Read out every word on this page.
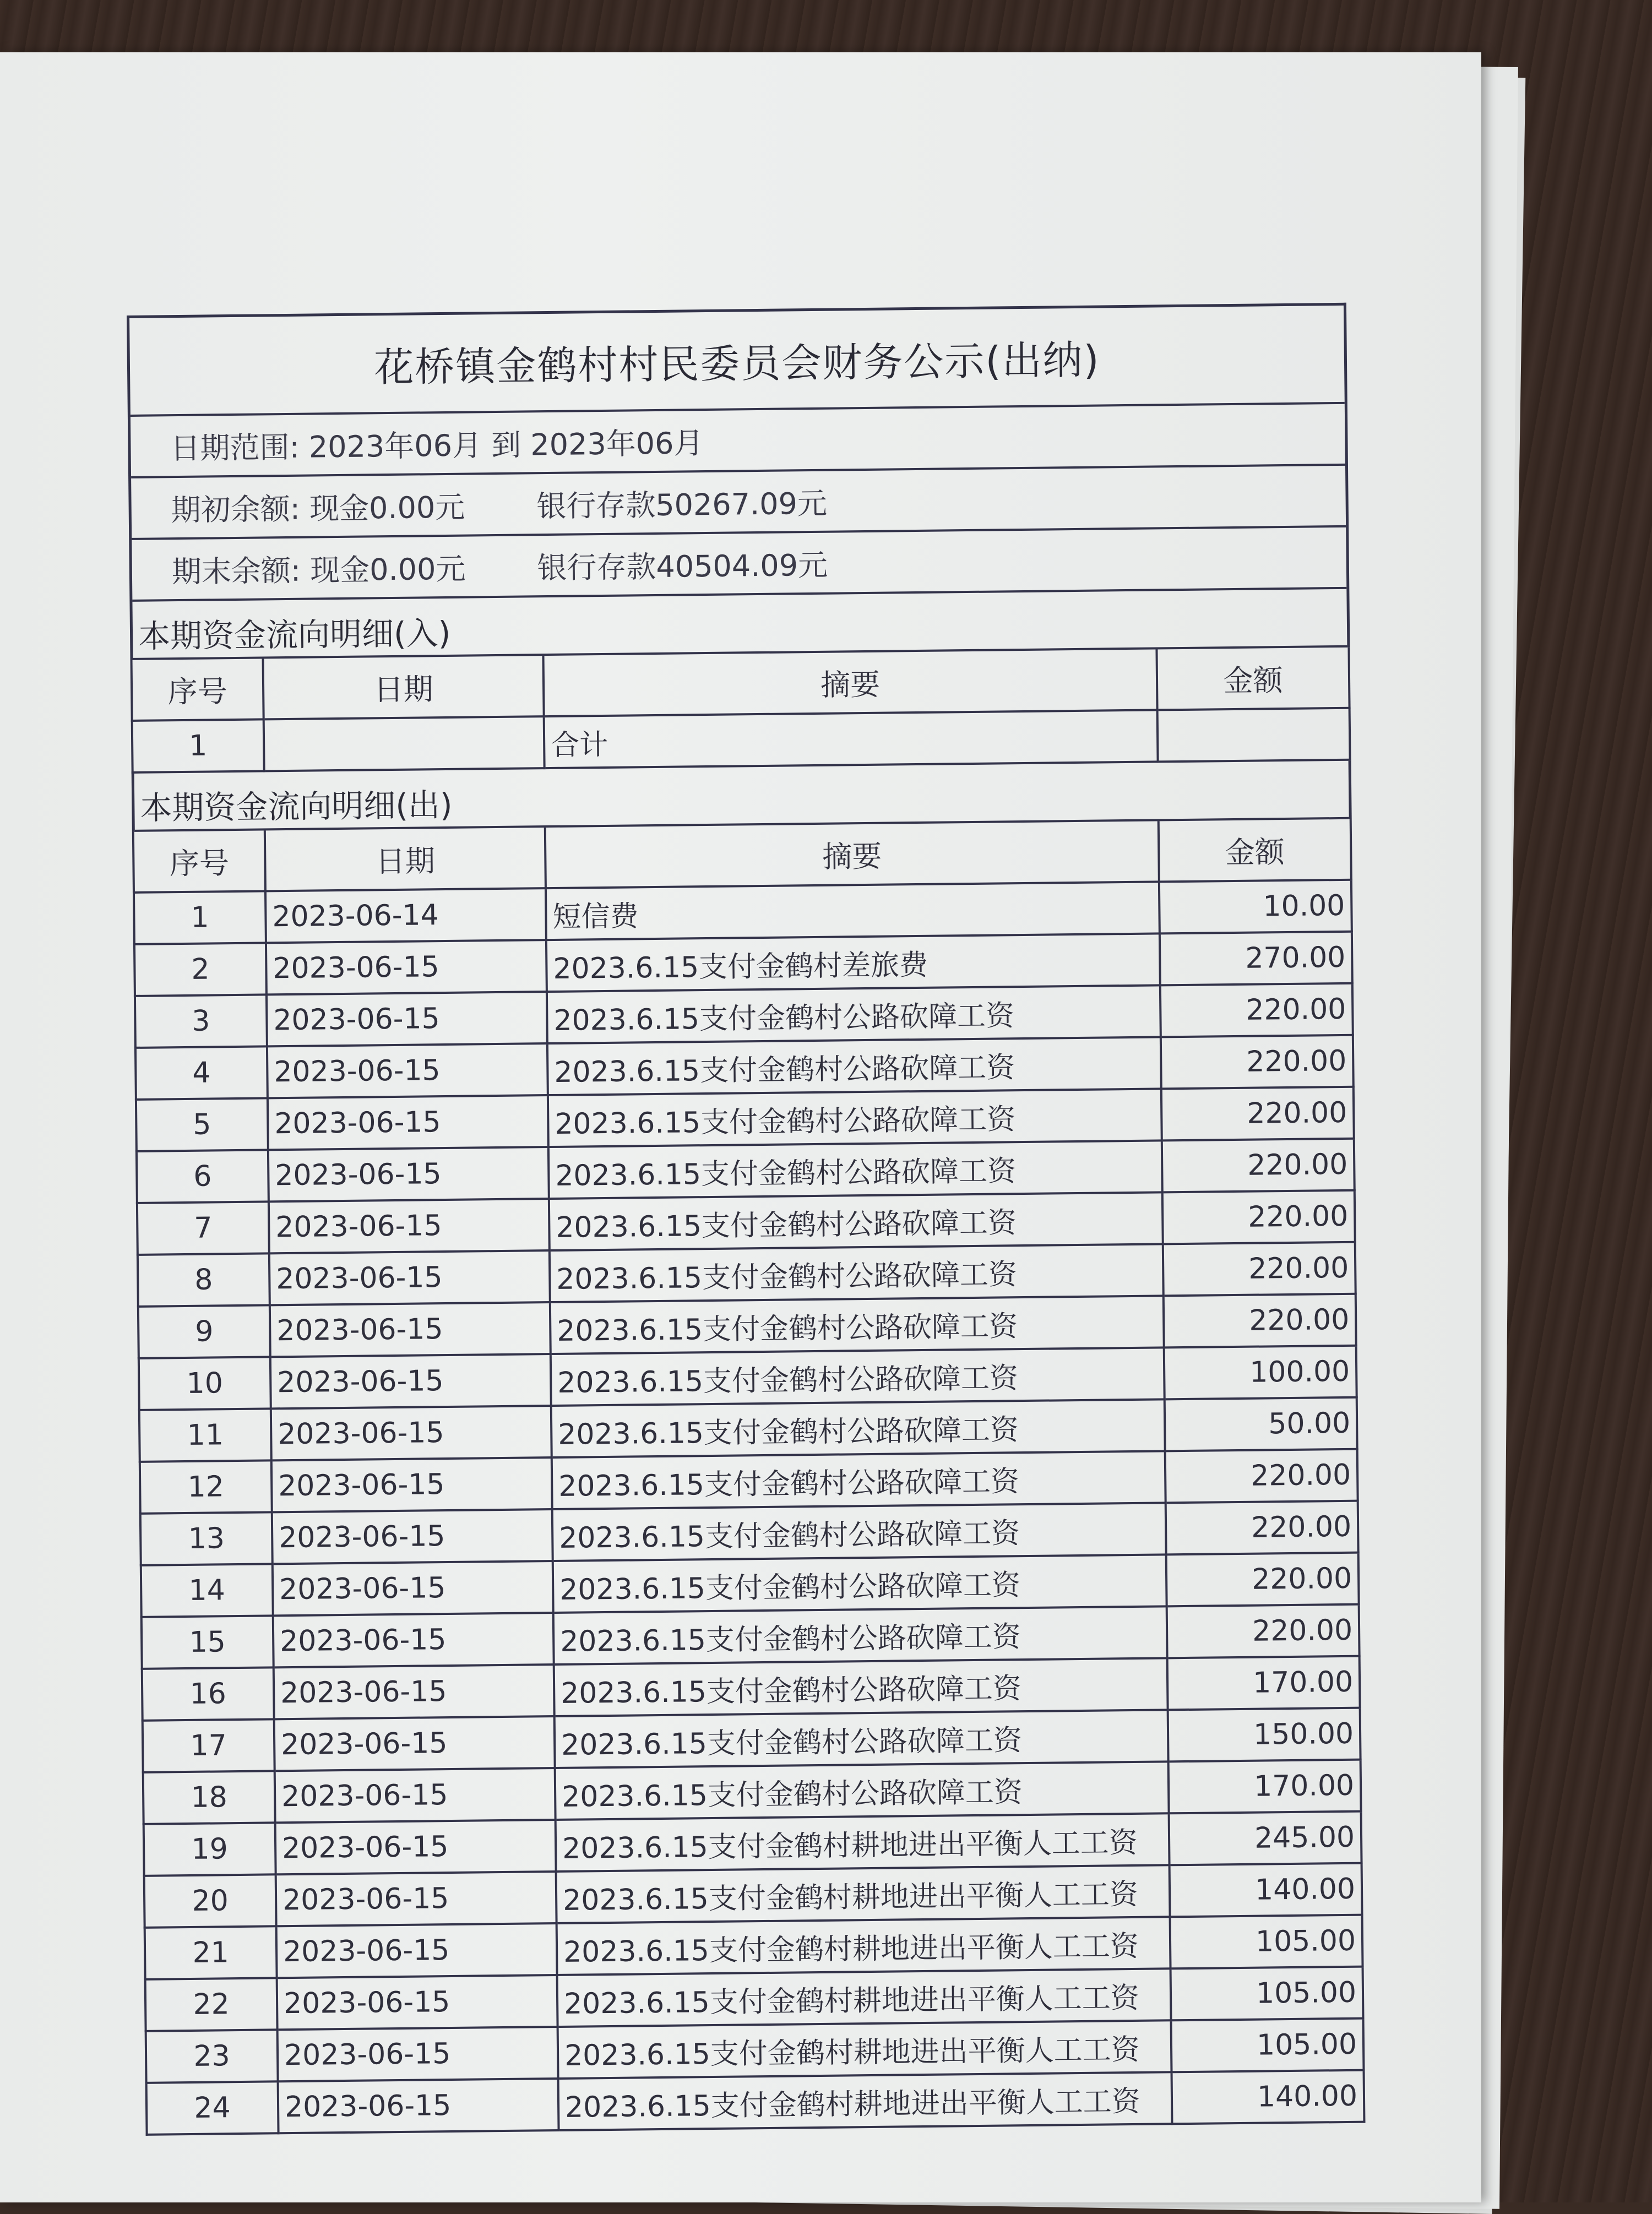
花桥镇金鹤村村民委员会财务公示(出纳)
日期范围: 2023年06月 到 2023年06月
期初余额: 现金0.00元 银行存款50267.09元
期末余额: 现金0.00元 银行存款40504.09元
本期资金流向明细(入)
序号	日期	摘要	金额
1		合计	
本期资金流向明细(出)
序号	日期	摘要	金额
1	2023-06-14	短信费	10.00
2	2023-06-15	2023.6.15支付金鹤村差旅费	270.00
3	2023-06-15	2023.6.15支付金鹤村公路砍障工资	220.00
4	2023-06-15	2023.6.15支付金鹤村公路砍障工资	220.00
5	2023-06-15	2023.6.15支付金鹤村公路砍障工资	220.00
6	2023-06-15	2023.6.15支付金鹤村公路砍障工资	220.00
7	2023-06-15	2023.6.15支付金鹤村公路砍障工资	220.00
8	2023-06-15	2023.6.15支付金鹤村公路砍障工资	220.00
9	2023-06-15	2023.6.15支付金鹤村公路砍障工资	220.00
10	2023-06-15	2023.6.15支付金鹤村公路砍障工资	100.00
11	2023-06-15	2023.6.15支付金鹤村公路砍障工资	50.00
12	2023-06-15	2023.6.15支付金鹤村公路砍障工资	220.00
13	2023-06-15	2023.6.15支付金鹤村公路砍障工资	220.00
14	2023-06-15	2023.6.15支付金鹤村公路砍障工资	220.00
15	2023-06-15	2023.6.15支付金鹤村公路砍障工资	220.00
16	2023-06-15	2023.6.15支付金鹤村公路砍障工资	170.00
17	2023-06-15	2023.6.15支付金鹤村公路砍障工资	150.00
18	2023-06-15	2023.6.15支付金鹤村公路砍障工资	170.00
19	2023-06-15	2023.6.15支付金鹤村耕地进出平衡人工工资	245.00
20	2023-06-15	2023.6.15支付金鹤村耕地进出平衡人工工资	140.00
21	2023-06-15	2023.6.15支付金鹤村耕地进出平衡人工工资	105.00
22	2023-06-15	2023.6.15支付金鹤村耕地进出平衡人工工资	105.00
23	2023-06-15	2023.6.15支付金鹤村耕地进出平衡人工工资	105.00
24	2023-06-15	2023.6.15支付金鹤村耕地进出平衡人工工资	140.00
